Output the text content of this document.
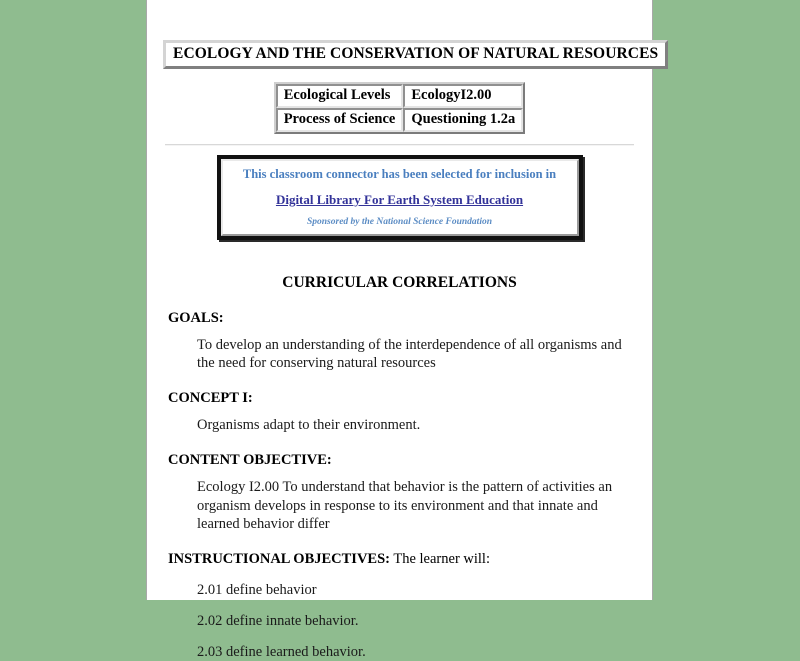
ECOLOGY AND THE CONSERVATION OF NATURAL RESOURCES
Ecological Levels	EcologyI2.00
Process of Science	Questioning 1.2a
This classroom connector has been selected for inclusion in
Digital Library For Earth System Education
Sponsored by the National Science Foundation
CURRICULAR CORRELATIONS
GOALS:
To develop an understanding of the interdependence of all organisms and the need for conserving natural resources
CONCEPT I:
Organisms adapt to their environment.
CONTENT OBJECTIVE:
Ecology I2.00 To understand that behavior is the pattern of activities an organism develops in response to its environment and that innate and learned behavior differ
INSTRUCTIONAL OBJECTIVES: The learner will:
2.01 define behavior
2.02 define innate behavior.
2.03 define learned behavior.
